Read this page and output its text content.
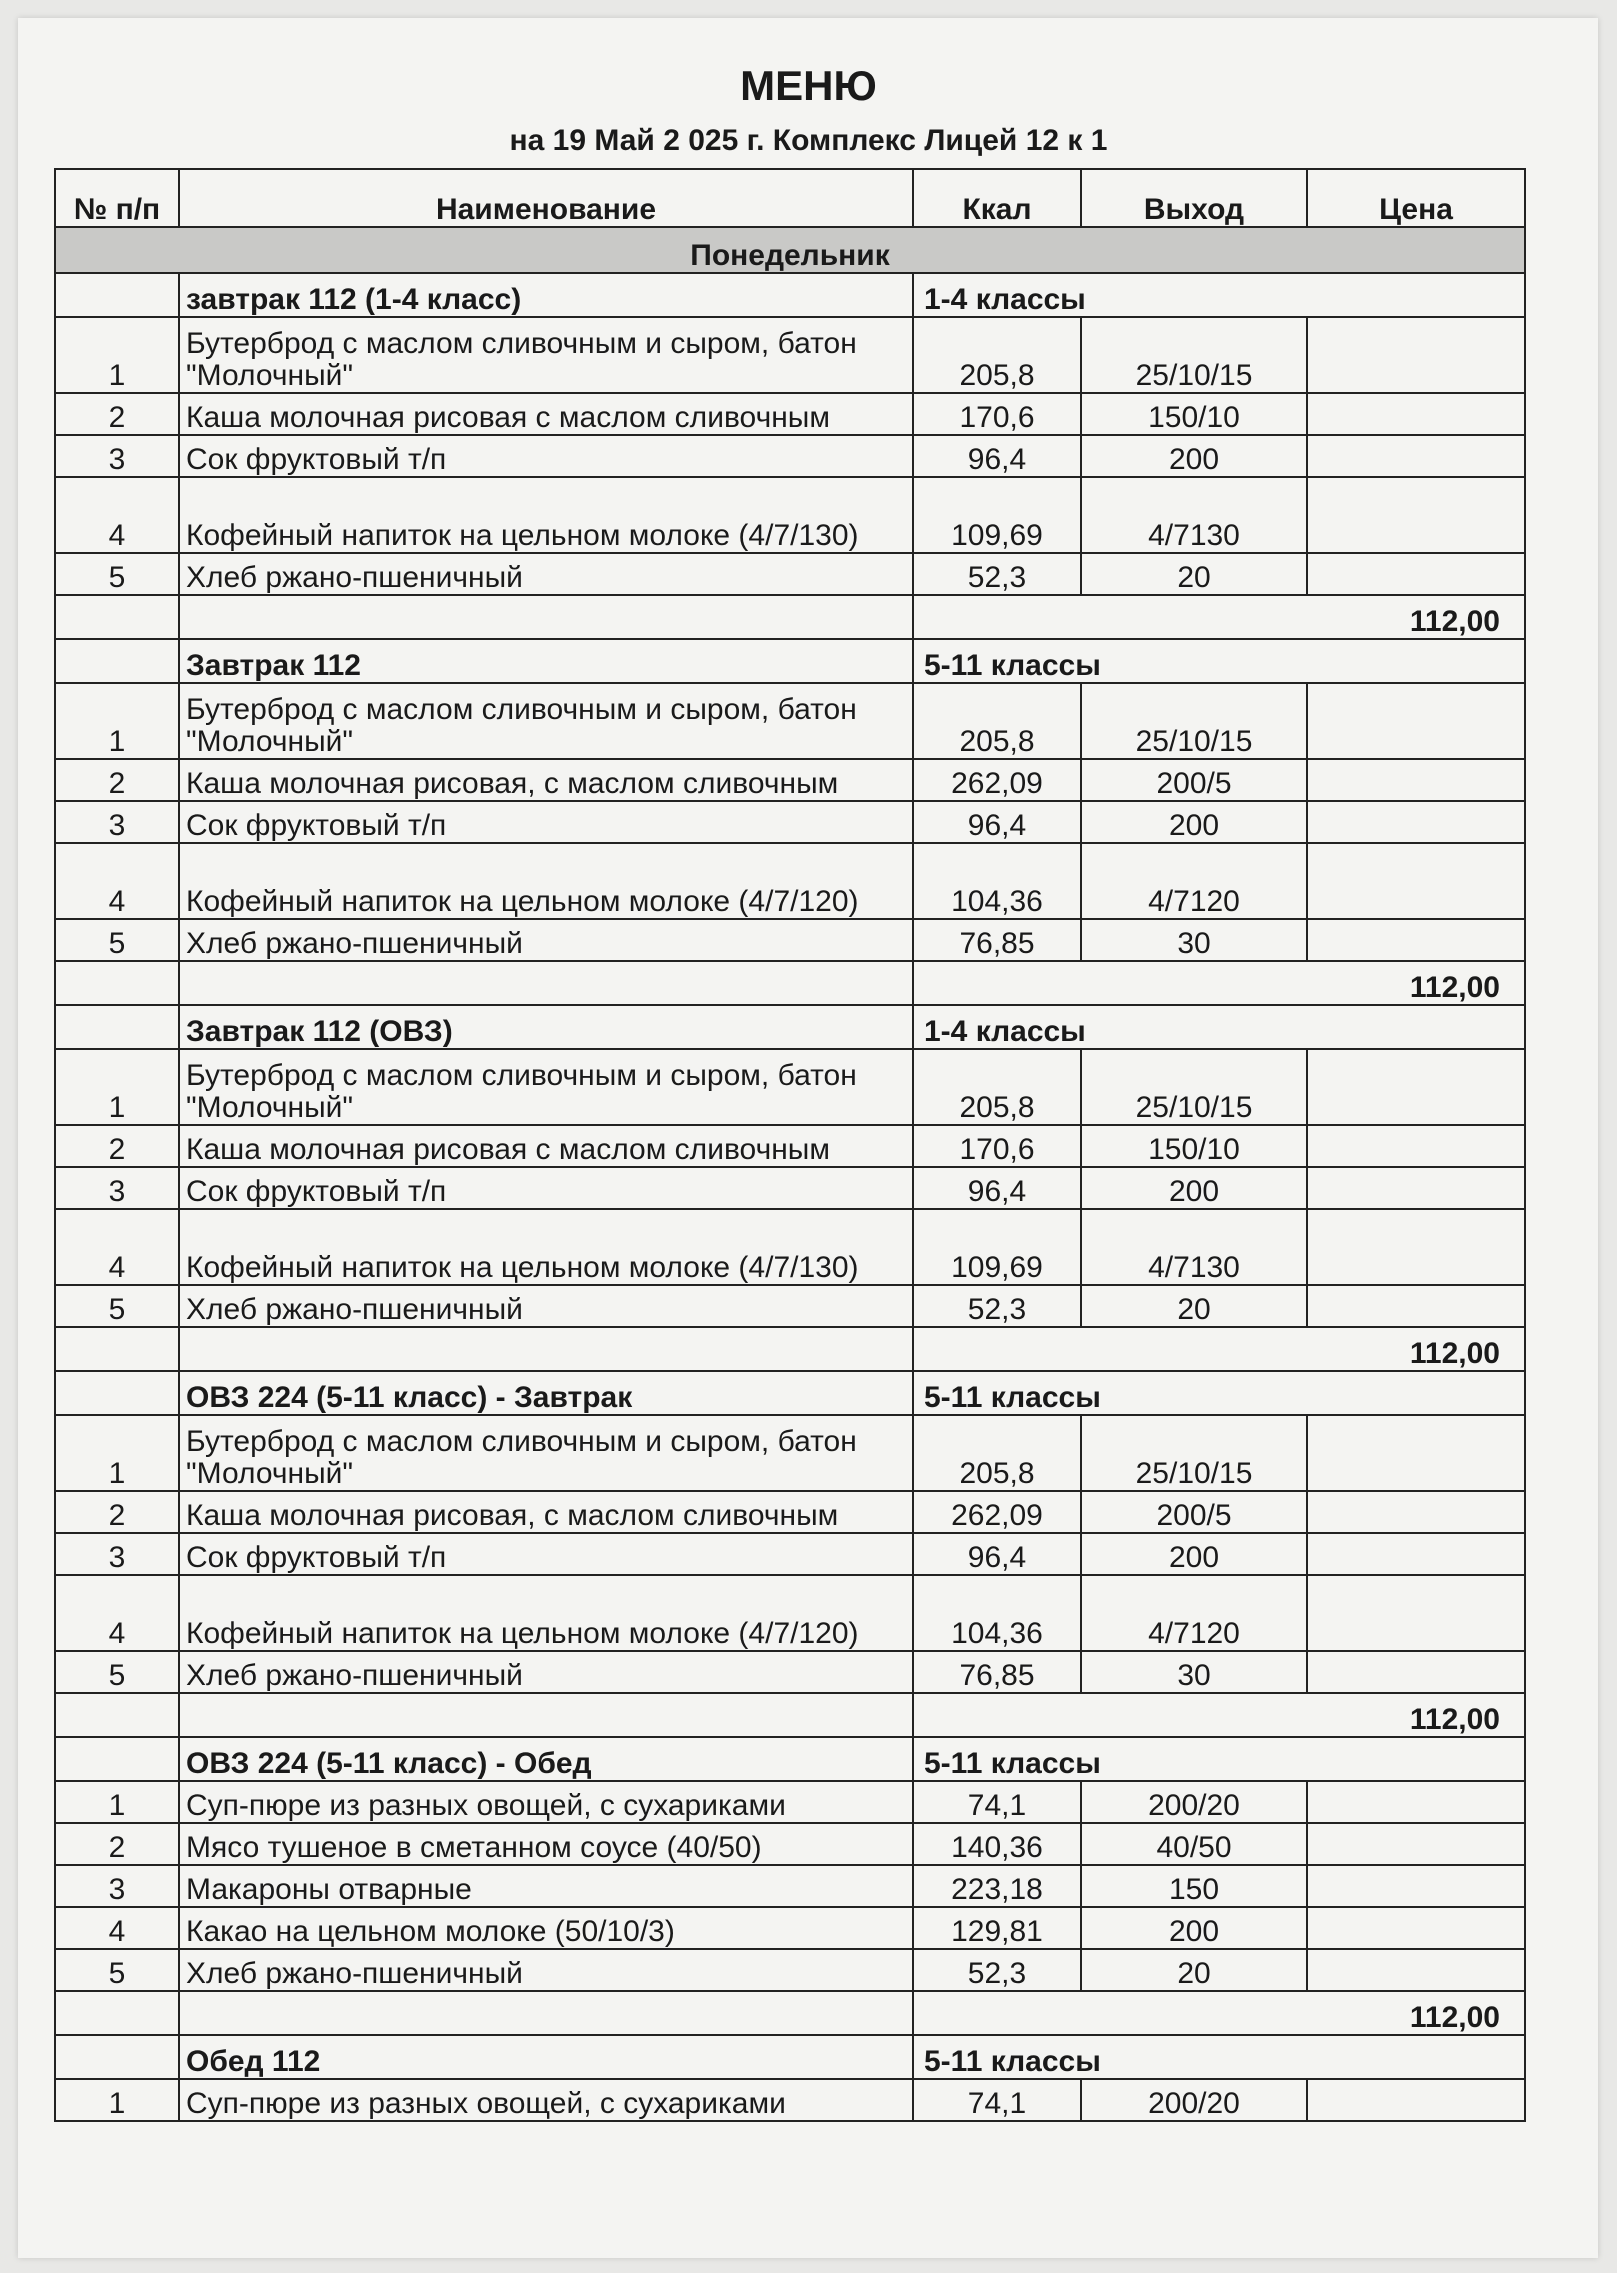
МЕНЮ
на 19 Май 2 025 г. Комплекс Лицей 12 к 1
№ п/п	Наименование	Ккал	Выход	Цена
Понедельник				
	завтрак 112 (1-4 класс)	1-4 классы		
1	Бутерброд с маслом сливочным и сыром, батон "Молочный"	205,8	25/10/15	
2	Каша молочная рисовая с маслом сливочным	170,6	150/10	
3	Сок фруктовый т/п	96,4	200	
4	Кофейный напиток на цельном молоке (4/7/130)	109,69	4/7130	
5	Хлеб ржано-пшеничный	52,3	20	
		112,00		
	Завтрак 112	5-11 классы		
1	Бутерброд с маслом сливочным и сыром, батон "Молочный"	205,8	25/10/15	
2	Каша молочная рисовая, с маслом сливочным	262,09	200/5	
3	Сок фруктовый т/п	96,4	200	
4	Кофейный напиток на цельном молоке (4/7/120)	104,36	4/7120	
5	Хлеб ржано-пшеничный	76,85	30	
		112,00		
	Завтрак 112 (ОВЗ)	1-4 классы		
1	Бутерброд с маслом сливочным и сыром, батон "Молочный"	205,8	25/10/15	
2	Каша молочная рисовая с маслом сливочным	170,6	150/10	
3	Сок фруктовый т/п	96,4	200	
4	Кофейный напиток на цельном молоке (4/7/130)	109,69	4/7130	
5	Хлеб ржано-пшеничный	52,3	20	
		112,00		
	ОВЗ 224 (5-11 класс) - Завтрак	5-11 классы		
1	Бутерброд с маслом сливочным и сыром, батон "Молочный"	205,8	25/10/15	
2	Каша молочная рисовая, с маслом сливочным	262,09	200/5	
3	Сок фруктовый т/п	96,4	200	
4	Кофейный напиток на цельном молоке (4/7/120)	104,36	4/7120	
5	Хлеб ржано-пшеничный	76,85	30	
		112,00		
	ОВЗ 224 (5-11 класс) - Обед	5-11 классы		
1	Суп-пюре из разных овощей, с сухариками	74,1	200/20	
2	Мясо тушеное в сметанном соусе (40/50)	140,36	40/50	
3	Макароны отварные	223,18	150	
4	Какао на цельном молоке (50/10/3)	129,81	200	
5	Хлеб ржано-пшеничный	52,3	20	
		112,00		
	Обед 112	5-11 классы		
1	Суп-пюре из разных овощей, с сухариками	74,1	200/20	
